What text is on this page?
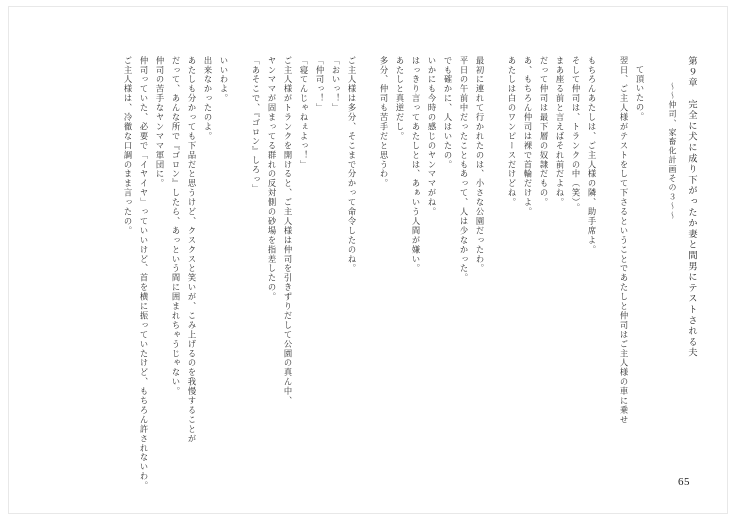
第９章　完全に犬に成り下がったか妻と間男にテストされる夫
〜〜仲司、家畜化計画その３〜〜
て頂いたの。
翌日、ご主人様がテストをして下さるということであたしと仲司はご主人様の車に乗せ
もちろんあたしは、ご主人様の隣、助手席よ。
そして仲司は、トランクの中（笑）。
まあ座る前と言えばそれ前だよね。
だって仲司は最下層の奴隷だもの。
あ、もちろん仲司は裸で首輪だけよ。
あたしは白のワンピースだけどね。
最初に連れて行かれたのは、小さな公園だったわ。
平日の午前中だったこともあって、人は少なかった。
でも確かに、人はいたの。
いかにも今時の感じのヤンママがね。
はっきり言ってあたしとは、あぁいう人間が嫌い。
あたしと真逆だし。
多分、仲司も苦手だと思うわ。
ご主人様は多分、そこまで分かって命令したのね。
「おいっ！」
「仲司っ！」
「寝てんじゃねぇよっ！」
ご主人様がトランクを開けると、ご主人様は仲司を引きずりだして公園の真ん中、
ヤンママが固まってる群れの反対側の砂場を指差したの。
「あそこで、『ゴロン』しろっ」
いいわよ。
出来なかったのよ。
あたしも分かっても下品だと思うけど、クスクスと笑いが、こみ上げるのを我慢することが
だって、あんな所で『ゴロン』したら、あっという間に囲まれちゃうじゃない。
仲司の苦手なヤンママ軍団に。
仲司っていた、必要で「イヤイヤ」っていいけど、首を横に振っていたけど、もちろん許されないわ。
ご主人様は、冷徹な口調のまま言ったの。
65
